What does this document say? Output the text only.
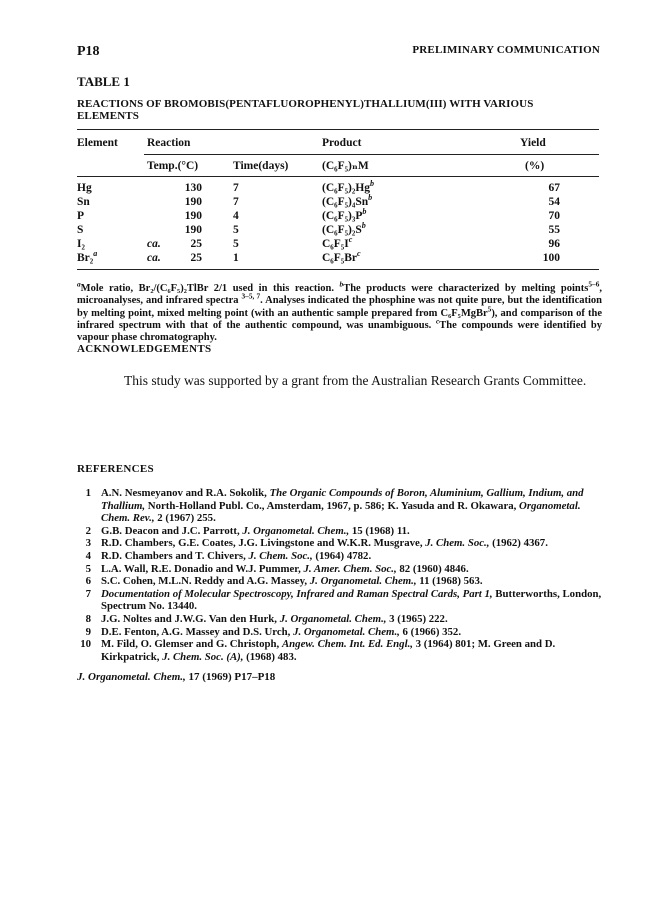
P18	PRELIMINARY COMMUNICATION
TABLE 1
REACTIONS OF BROMOBIS(PENTAFLUOROPHENYL)THALLIUM(III) WITH VARIOUS ELEMENTS
Element	Reaction	Product	Yield
Temp.(°C)	Time(days)	(C₆F₅)ₙM	(%)
Hg	130	7	(C₆F₅)₂Hg$^b$	67
Sn	190	7	(C₆F₅)₄Sn$^b$	54
P	190	4	$(C_6F_5)_3P^b$	70
S	190	5	$(C_6F_5)_2S^b$	55
I₂	ca.	25	5	$C_6F_5I^c$	96
Br₂$^a$	ca.	25	1	C₆F₅Br$^c$	100
$^a$Mole ratio, Br₂/(C₆F₅)₂TlBr 2/1 used in this reaction. $^b$The products were characterized by melting points$^{5-6}$, microanalyses, and infrared spectra $^{3-5, 7}$. Analyses indicated the phosphine was not quite pure, but the identification by melting point, mixed melting point (with an authentic sample prepared from C₆F₅MgBr$^5$), and comparison of the infrared spectrum with that of the authentic compound, was unambiguous. $^c$The compounds were identified by vapour phase chromatography.
ACKNOWLEDGEMENTS
This study was supported by a grant from the Australian Research Grants Committee.
REFERENCES
1 A.N. Nesmeyanov and R.A. Sokolik, The Organic Compounds of Boron, Aluminium, Gallium, Indium, and Thallium, North-Holland Publ. Co., Amsterdam, 1967, p. 586; K. Yasuda and R. Okawara, Organometal. Chem. Rev., 2 (1967) 255.
2 G.B. Deacon and J.C. Parrott, J. Organometal. Chem., 15 (1968) 11.
3 R.D. Chambers, G.E. Coates, J.G. Livingstone and W.K.R. Musgrave, J. Chem. Soc., (1962) 4367.
4 R.D. Chambers and T. Chivers, J. Chem. Soc., (1964) 4782.
5 L.A. Wall, R.E. Donadio and W.J. Pummer, J. Amer. Chem. Soc., 82 (1960) 4846.
6 S.C. Cohen, M.L.N. Reddy and A.G. Massey, J. Organometal. Chem., 11 (1968) 563.
7 Documentation of Molecular Spectroscopy, Infrared and Raman Spectral Cards, Part 1, Butterworths, London, Spectrum No. 13440.
8 J.G. Noltes and J.W.G. Van den Hurk, J. Organometal. Chem., 3 (1965) 222.
9 D.E. Fenton, A.G. Massey and D.S. Urch, J. Organometal. Chem., 6 (1966) 352.
10 M. Fild, O. Glemser and G. Christoph, Angew. Chem. Int. Ed. Engl., 3 (1964) 801; M. Green and D. Kirkpatrick, J. Chem. Soc. (A), (1968) 483.
J. Organometal. Chem., 17 (1969) P17–P18
